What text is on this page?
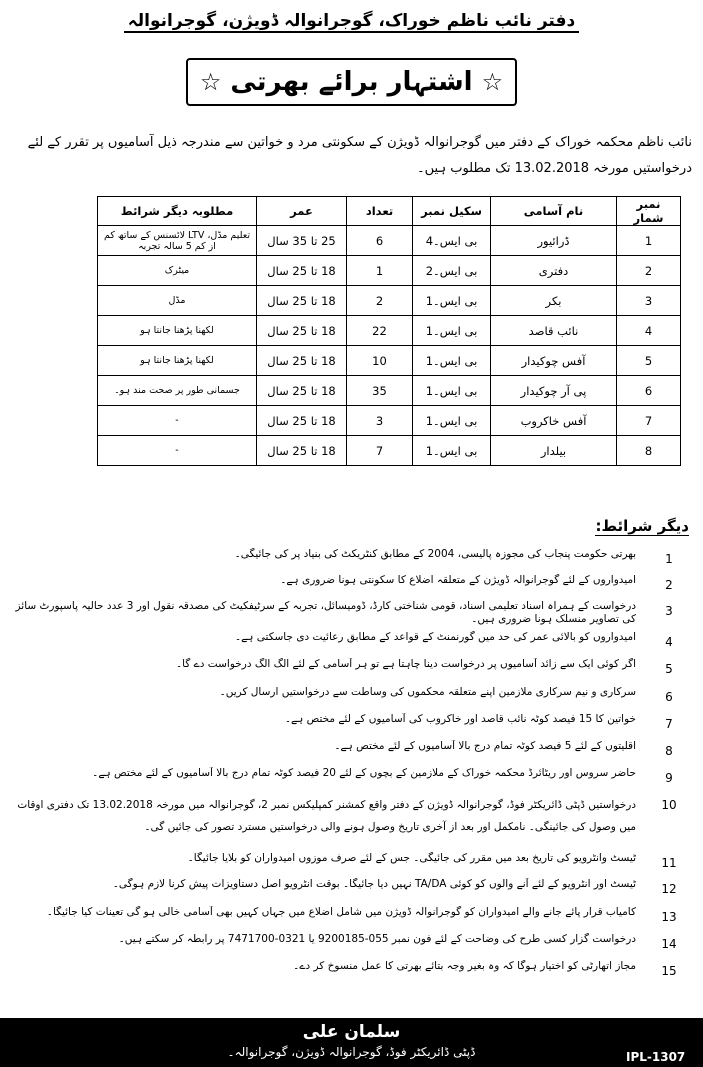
دفتر نائب ناظم خوراک، گوجرانوالہ ڈویژن، گوجرانوالہ
☆ اشتہار برائے بھرتی ☆
نائب ناظم محکمہ خوراک کے دفتر میں گوجرانوالہ ڈویژن کے سکونتی مرد و خواتین سے مندرجہ ذیل آسامیوں پر تقرر کے لئے درخواستیں مورخہ 13.02.2018 تک مطلوب ہیں۔
نمبر شمار	نام آسامی	سکیل نمبر	تعداد	عمر	مطلوبہ دیگر شرائط
1	ڈرائیور	بی ایس۔4	6	25 تا 35 سال	تعلیم مڈل، LTV لائسنس کے ساتھ کم از کم 5 سالہ تجربہ
2	دفتری	بی ایس۔2	1	18 تا 25 سال	میٹرک
3	بکر	بی ایس۔1	2	18 تا 25 سال	مڈل
4	نائب قاصد	بی ایس۔1	22	18 تا 25 سال	لکھنا پڑھنا جانتا ہو
5	آفس چوکیدار	بی ایس۔1	10	18 تا 25 سال	لکھنا پڑھنا جانتا ہو
6	پی آر چوکیدار	بی ایس۔1	35	18 تا 25 سال	جسمانی طور پر صحت مند ہو۔
7	آفس خاکروب	بی ایس۔1	3	18 تا 25 سال	-
8	بیلدار	بی ایس۔1	7	18 تا 25 سال	-
دیگر شرائط:
بھرتی حکومت پنجاب کی مجوزہ پالیسی، 2004 کے مطابق کنٹریکٹ کی بنیاد پر کی جائیگی۔	1
امیدواروں کے لئے گوجرانوالہ ڈویژن کے متعلقہ اضلاع کا سکونتی ہونا ضروری ہے۔	2
درخواست کے ہمراہ اسناد تعلیمی اسناد، قومی شناختی کارڈ، ڈومیسائل، تجربہ کے سرٹیفکیٹ کی مصدقہ نقول اور 3 عدد حالیہ پاسپورٹ سائز کی تصاویر منسلک ہونا ضروری ہیں۔
3
امیدواروں کو بالائی عمر کی حد میں گورنمنٹ کے قواعد کے مطابق رعائیت دی جاسکتی ہے۔	4
اگر کوئی ایک سے زائد آسامیوں پر درخواست دینا چاہتا ہے تو ہر آسامی کے لئے الگ الگ درخواست دے گا۔	5
سرکاری و نیم سرکاری ملازمین اپنے متعلقہ محکموں کی وساطت سے درخواستیں ارسال کریں۔	6
خواتین کا 15 فیصد کوٹہ نائب قاصد اور خاکروب کی آسامیوں کے لئے مختص ہے۔	7
اقلیتوں کے لئے 5 فیصد کوٹہ تمام درج بالا آسامیوں کے لئے مختص ہے۔	8
حاضر سروس اور ریٹائرڈ محکمہ خوراک کے ملازمین کے بچوں کے لئے 20 فیصد کوٹہ تمام درج بالا آسامیوں کے لئے مختص ہے۔	9
درخواستیں ڈپٹی ڈائریکٹر فوڈ، گوجرانوالہ ڈویژن کے دفتر واقع کمشنر کمپلیکس نمبر 2، گوجرانوالہ میں مورخہ 13.02.2018 تک دفتری اوقات میں وصول کی جائینگی۔ نامکمل اور بعد از آخری تاریخ وصول ہونے والی درخواستیں مسترد تصور کی جائیں گی۔
10
ٹیسٹ وانٹرویو کی تاریخ بعد میں مقرر کی جائیگی۔ جس کے لئے صرف موزوں امیدواران کو بلایا جائیگا۔	11
ٹیسٹ اور انٹرویو کے لئے آنے والوں کو کوئی TA/DA نہیں دیا جائیگا۔ بوقت انٹرویو اصل دستاویزات پیش کرنا لازم ہوگی۔	12
کامیاب قرار پائے جانے والے امیدواران کو گوجرانوالہ ڈویژن میں شامل اضلاع میں جہاں کہیں بھی آسامی خالی ہو گی تعینات کیا جائیگا۔	13
درخواست گزار کسی طرح کی وضاحت کے لئے فون نمبر 055-9200185 یا 0321-7471700 پر رابطہ کر سکتے ہیں۔	14
مجاز اتھارٹی کو اختیار ہوگا کہ وہ بغیر وجہ بتائے بھرتی کا عمل منسوخ کر دے۔	15
سلمان علی
ڈپٹی ڈائریکٹر فوڈ، گوجرانوالہ ڈویژن، گوجرانوالہ۔	IPL-1307
